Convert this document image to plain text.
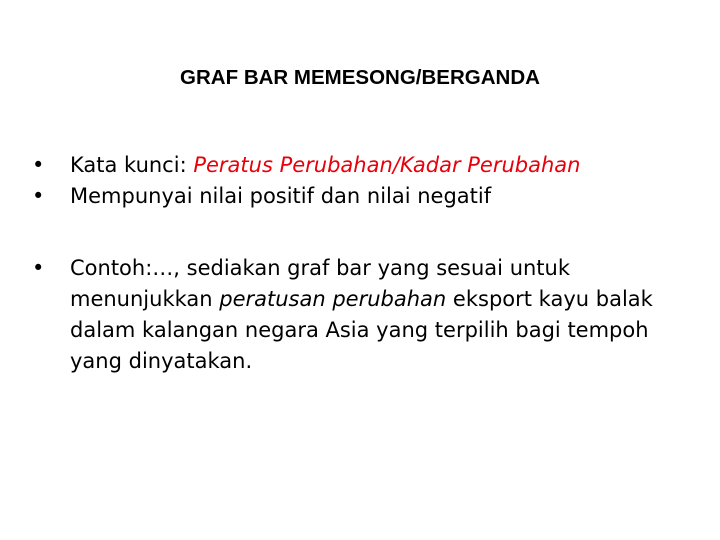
GRAF BAR MEMESONG/BERGANDA
•	Kata kunci: Peratus Perubahan/Kadar Perubahan
•	Mempunyai nilai positif dan nilai negatif
•	Contoh:…, sediakan graf bar yang sesuai untuk menunjukkan peratusan perubahan eksport kayu balak dalam kalangan negara Asia yang terpilih bagi tempoh yang dinyatakan.
